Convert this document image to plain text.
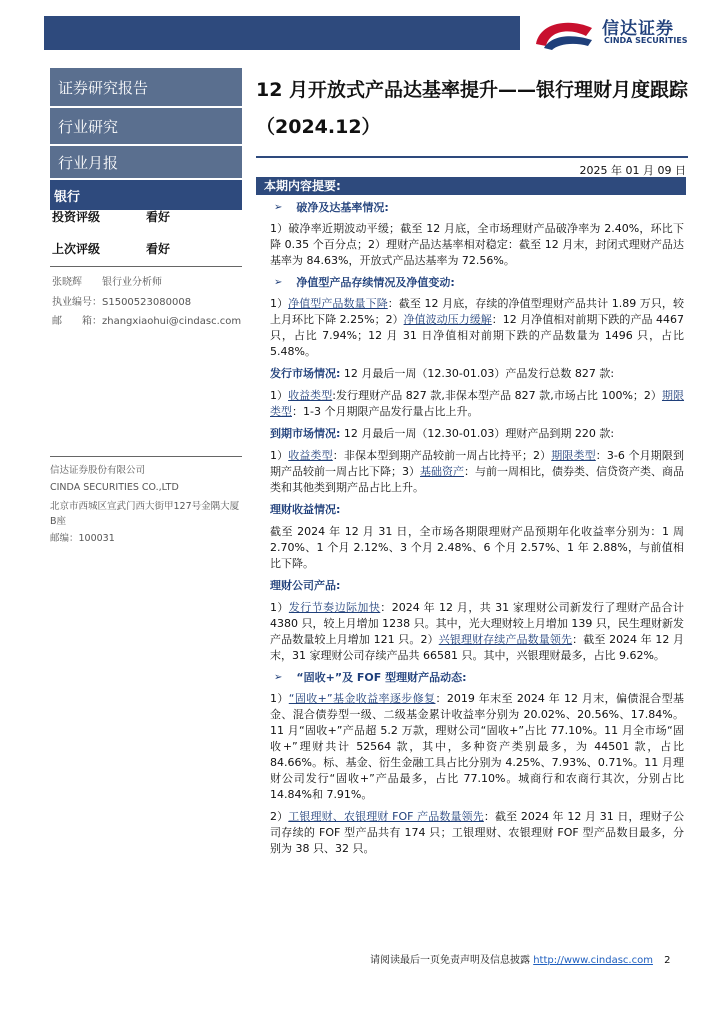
信达证券
CINDA SECURITIES
证券研究报告
行业研究
行业月报
银行
投资评级	看好
上次评级	看好
张晓辉　　银行业分析师
执业编号：S1500523080008
邮　　箱：zhangxiaohui@cindasc.com
信达证券股份有限公司
CINDA SECURITIES CO.,LTD
北京市西城区宣武门西大街甲127号金隅大厦B座
邮编：100031
12 月开放式产品达基率提升——银行理财月度跟踪（2024.12）
2025 年 01 月 09 日
本期内容提要:
➢ 破净及达基率情况:

1）破净率近期波动平缓；截至 12 月底，全市场理财产品破净率为 2.40%，环比下降 0.35 个百分点；2）理财产品达基率相对稳定：截至 12 月末，封闭式理财产品达基率为 84.63%，开放式产品达基率为 72.56%。

➢ 净值型产品存续情况及净值变动:

1）净值型产品数量下降：截至 12 月底，存续的净值型理财产品共计 1.89 万只，较上月环比下降 2.25%；2）净值波动压力缓解：12 月净值相对前期下跌的产品 4467 只，占比 7.94%；12 月 31 日净值相对前期下跌的产品数量为 1496 只，占比 5.48%。

发行市场情况: 12 月最后一周（12.30-01.03）产品发行总数 827 款:

1）收益类型:发行理财产品 827 款,非保本型产品 827 款,市场占比 100%；2）期限类型：1-3 个月期限产品发行量占比上升。

到期市场情况: 12 月最后一周（12.30-01.03）理财产品到期 220 款:

1）收益类型：非保本型到期产品较前一周占比持平；2）期限类型：3-6 个月期限到期产品较前一周占比下降；3）基础资产：与前一周相比，债券类、信贷资产类、商品类和其他类到期产品占比上升。

理财收益情况:

截至 2024 年 12 月 31 日，全市场各期限理财产品预期年化收益率分别为：1 周 2.70%、1 个月 2.12%、3 个月 2.48%、6 个月 2.57%、1 年 2.88%，与前值相比下降。

理财公司产品:

1）发行节奏边际加快：2024 年 12 月，共 31 家理财公司新发行了理财产品合计 4380 只，较上月增加 1238 只。其中，光大理财较上月增加 139 只，民生理财新发产品数量较上月增加 121 只。2）兴银理财存续产品数量领先：截至 2024 年 12 月末，31 家理财公司存续产品共 66581 只。其中，兴银理财最多，占比 9.62%。

➢ “固收+”及 FOF 型理财产品动态:

1）“固收+”基金收益率逐步修复：2019 年末至 2024 年 12 月末，偏债混合型基金、混合债券型一级、二级基金累计收益率分别为 20.02%、20.56%、17.84%。11 月“固收+”产品超 5.2 万款，理财公司“固收+”占比 77.10%。11 月全市场“固收+”理财共计 52564 款，其中，多种资产类别最多，为 44501 款，占比 84.66%。标、基金、衍生金融工具占比分别为 4.25%、7.93%、0.71%。11 月理财公司发行“固收+”产品最多，占比 77.10%。城商行和农商行其次，分别占比 14.84%和 7.91%。

2）工银理财、农银理财 FOF 产品数量领先：截至 2024 年 12 月 31 日，理财子公司存续的 FOF 型产品共有 174 只；工银理财、农银理财 FOF 型产品数目最多，分别为 38 只、32 只。

请阅读最后一页免责声明及信息披露 http://www.cindasc.com 2
